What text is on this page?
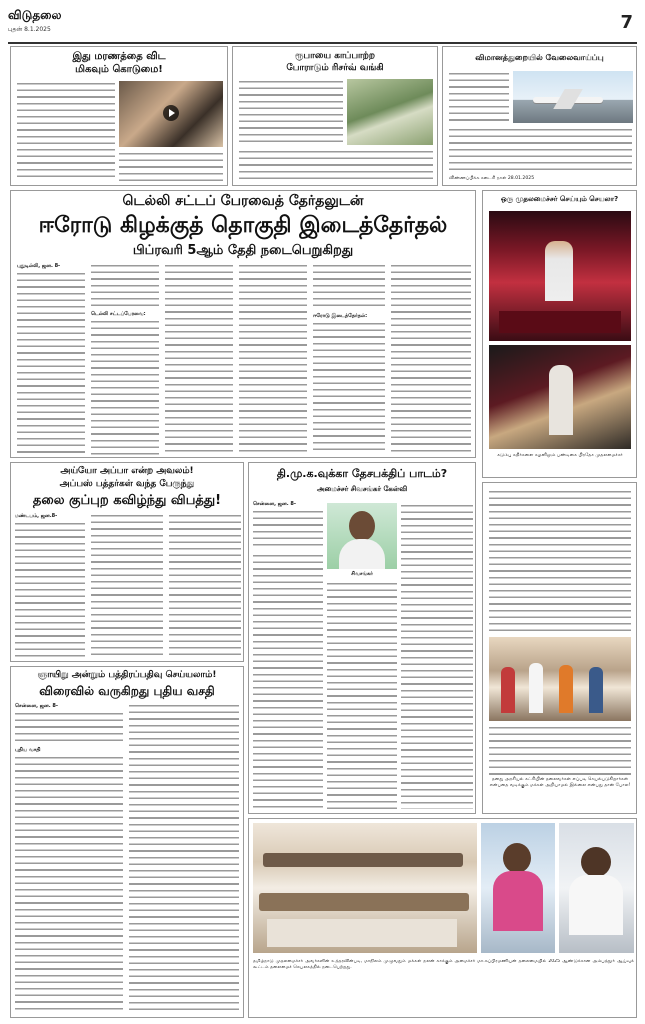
விடுதலை
புதன் 8.1.2025	7
இது மரணத்தை விட
மிகவும் கொடுமை!
ரூபாயை காப்பாற்ற
போராடும் ரிசர்வ் வங்கி
விமானத்துறையில் வேலைவாய்ப்பு
விண்ணப்பிக்க கடைசி நாள் 28.01.2025
டெல்லி சட்டப் பேரவைத் தேர்தலுடன்
ஈரோடு கிழக்குத் தொகுதி இடைத்தேர்தல்
பிப்ரவரி 5ஆம் தேதி நடைபெறுகிறது
புதுடில்லி, ஜன. 8-
டெல்லி சட்டப்பேரவை:	ஈரோடு இடைத்தேர்தல்:
ஒரு முதலமைச்சர் செய்யும் செயலா?
கடும்பு கதிர்களை கழனிலும் பண்டிகை பிரதேச முதலமைச்சர்
அய்யோ அப்பா என்ற அவலம்!
அப்பஸ் பத்தர்கள் வந்த பேருந்து
தலை குப்புற கவிழ்ந்து விபத்து!
மண்டபம், ஜன.8-
தி.மு.க.வுக்கா தேசபக்திப் பாடம்?
அமைச்சர் சிவசங்கர் கேள்வி
சென்னை, ஜன. 8-
சிவசங்கர்
தனது அரசியல் கட்சியின் தலைவர்கள் எப்படி செயல்படுகிறார்கள் என்பதை வடிக்கும் மக்கள் அறியாமல் இல்லை என்பது தான் போல!
ஞாயிறு அன்றும் பத்திரப்பதிவு செய்யலாம்!
விரைவில் வருகிறது புதிய வசதி
சென்னை, ஜன. 8-
புதிய வசதி
தமிழ்நாடு முதலமைச்சர் அவர்களின் உத்தரவின்படி, மாநிலம் முழுவதும் மக்கள் நலன் காக்கும் அமைச்சர் மா.சுப்பிரமணியன் தலைமையில் 2025 ஆண்டுக்கான அம்பத்தூர் ஆய்வுக் கூட்டம் தலைமைச் செயலகத்தில் நடைபெற்றது.
